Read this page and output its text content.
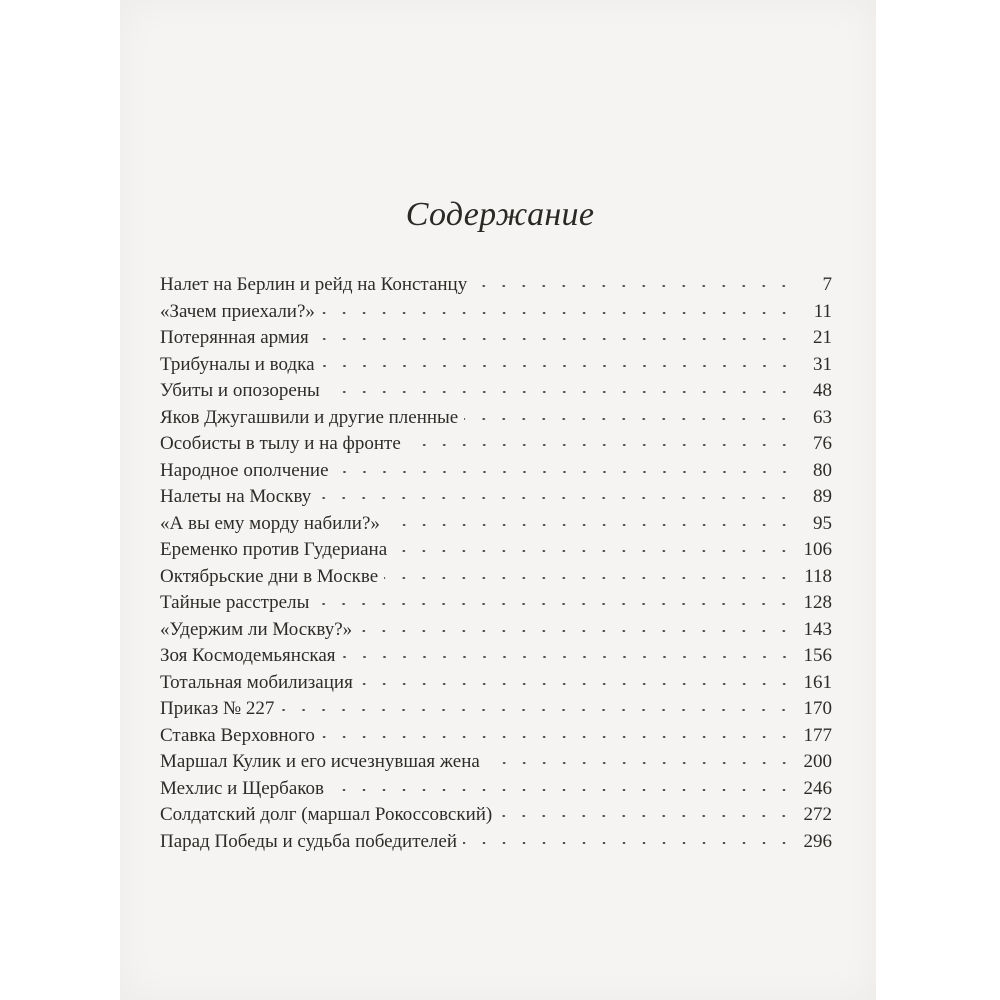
Содержание
Налет на Берлин и рейд на Констанцу	7
«Зачем приехали?»	11
Потерянная армия	21
Трибуналы и водка	31
Убиты и опозорены	48
Яков Джугашвили и другие пленные	63
Особисты в тылу и на фронте	76
Народное ополчение	80
Налеты на Москву	89
«А вы ему морду набили?»	95
Еременко против Гудериана	106
Октябрьские дни в Москве	118
Тайные расстрелы	128
«Удержим ли Москву?»	143
Зоя Космодемьянская	156
Тотальная мобилизация	161
Приказ № 227	170
Ставка Верховного	177
Маршал Кулик и его исчезнувшая жена	200
Мехлис и Щербаков	246
Солдатский долг (маршал Рокоссовский)	272
Парад Победы и судьба победителей	296
